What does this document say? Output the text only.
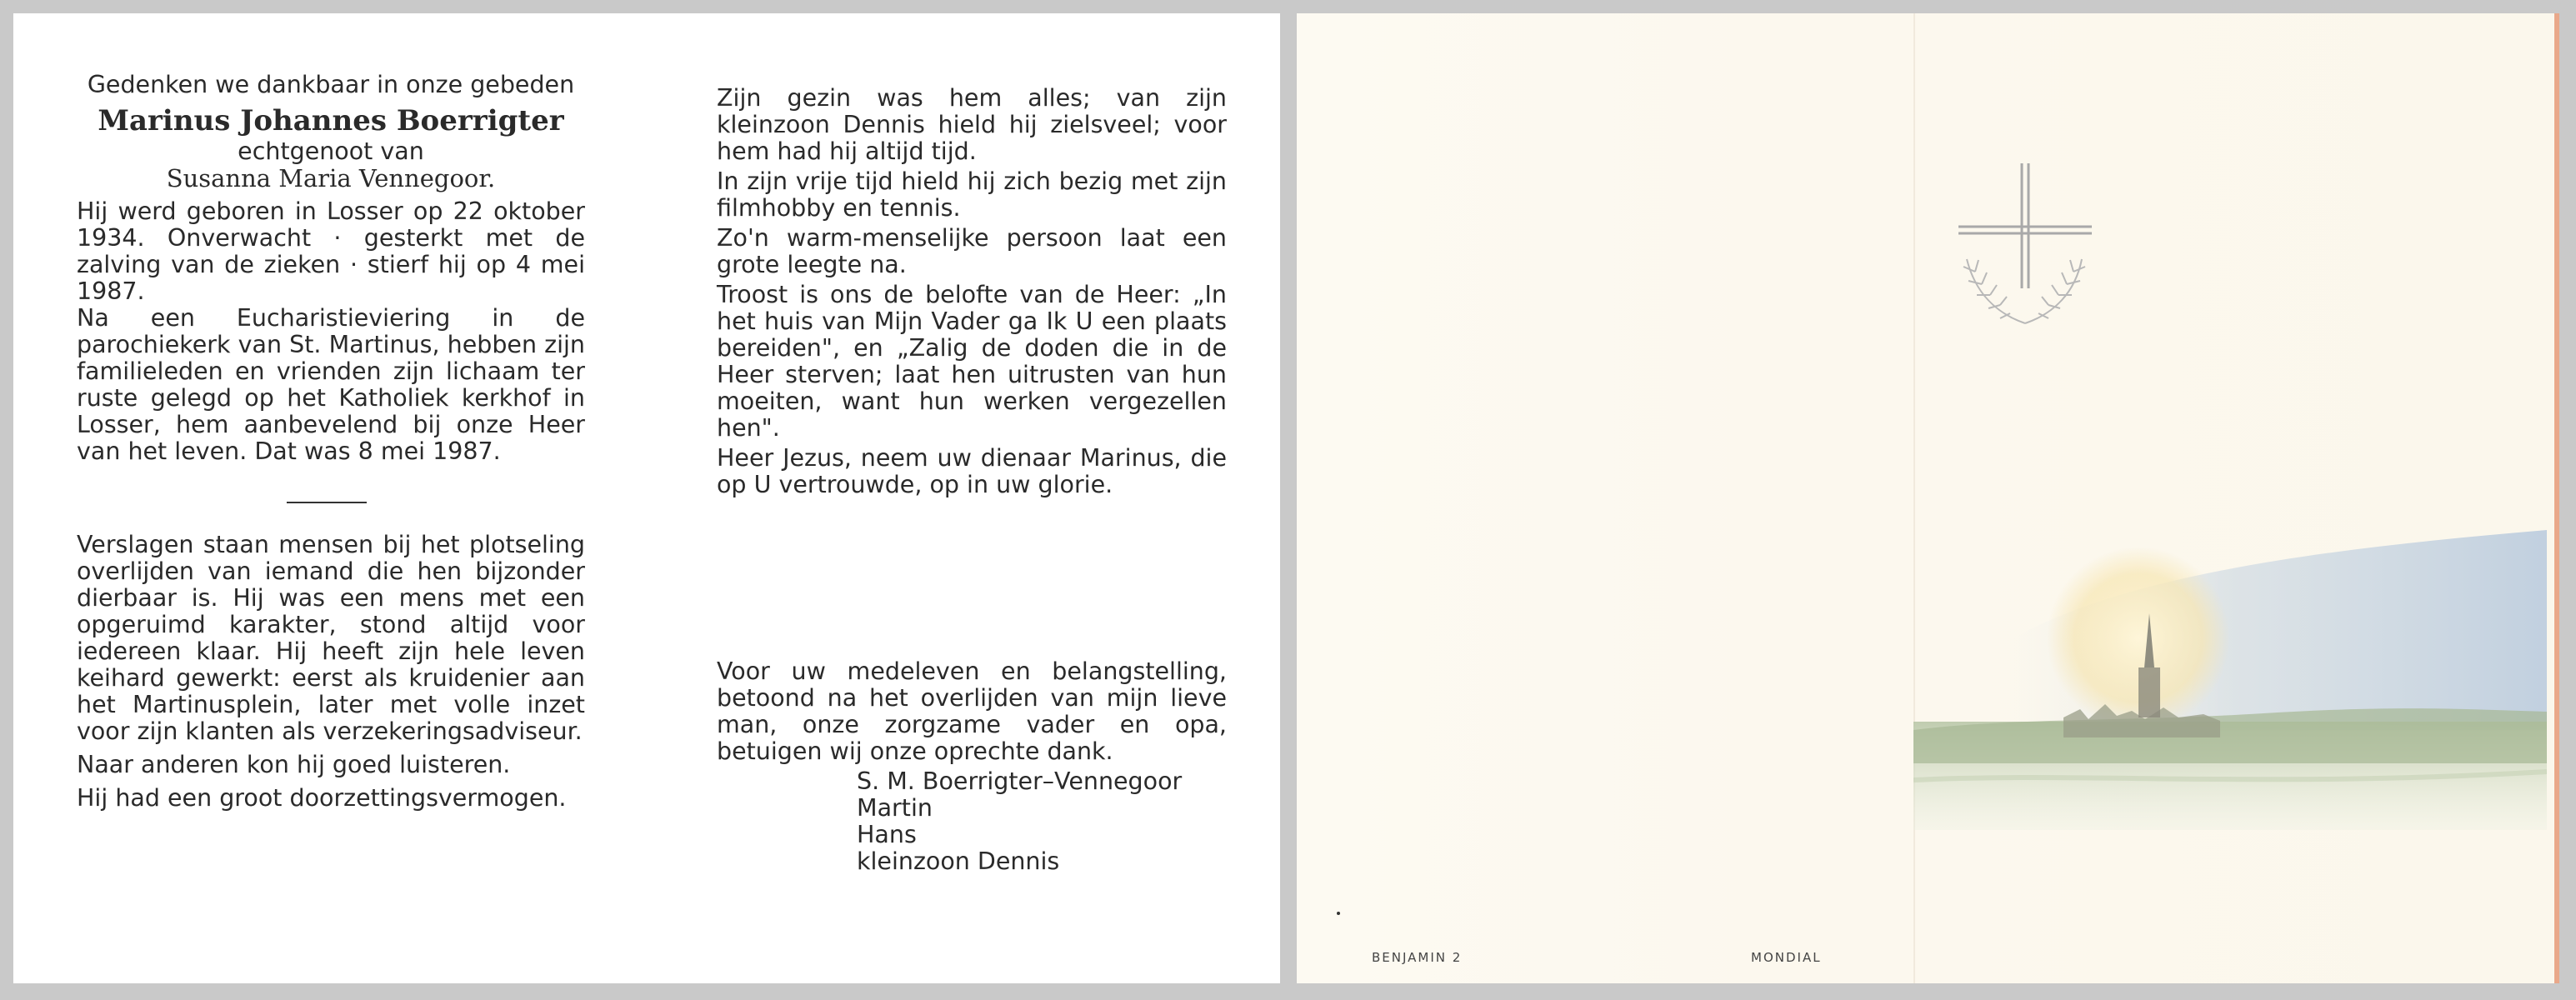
Gedenken we dankbaar in onze gebeden
Marinus Johannes Boerrigter
echtgenoot van
Susanna Maria Vennegoor.

Hij werd geboren in Losser op 22 oktober 1934. Onverwacht · gesterkt met de zalving van de zieken · stierf hij op 4 mei 1987.

Na een Eucharistieviering in de parochiekerk van St. Martinus, hebben zijn familieleden en vrienden zijn lichaam ter ruste gelegd op het Katholiek kerkhof in Losser, hem aanbevelend bij onze Heer van het leven. Dat was 8 mei 1987.

Verslagen staan mensen bij het plotseling overlijden van iemand die hen bijzonder dierbaar is. Hij was een mens met een opgeruimd karakter, stond altijd voor iedereen klaar. Hij heeft zijn hele leven keihard gewerkt: eerst als kruidenier aan het Martinusplein, later met volle inzet voor zijn klanten als verzekeringsadviseur.

Naar anderen kon hij goed luisteren.

Hij had een groot doorzettingsvermogen.

Zijn gezin was hem alles; van zijn kleinzoon Dennis hield hij zielsveel; voor hem had hij altijd tijd.

In zijn vrije tijd hield hij zich bezig met zijn filmhobby en tennis.

Zo'n warm-menselijke persoon laat een grote leegte na.

Troost is ons de belofte van de Heer: „In het huis van Mijn Vader ga Ik U een plaats bereiden", en „Zalig de doden die in de Heer sterven; laat hen uitrusten van hun moeiten, want hun werken vergezellen hen".

Heer Jezus, neem uw dienaar Marinus, die op U vertrouwde, op in uw glorie.

Voor uw medeleven en belangstelling, betoond na het overlijden van mijn lieve man, onze zorgzame vader en opa, betuigen wij onze oprechte dank.

S. M. Boerrigter–Vennegoor
Martin
Hans
kleinzoon Dennis
BENJAMIN 2	MONDIAL
